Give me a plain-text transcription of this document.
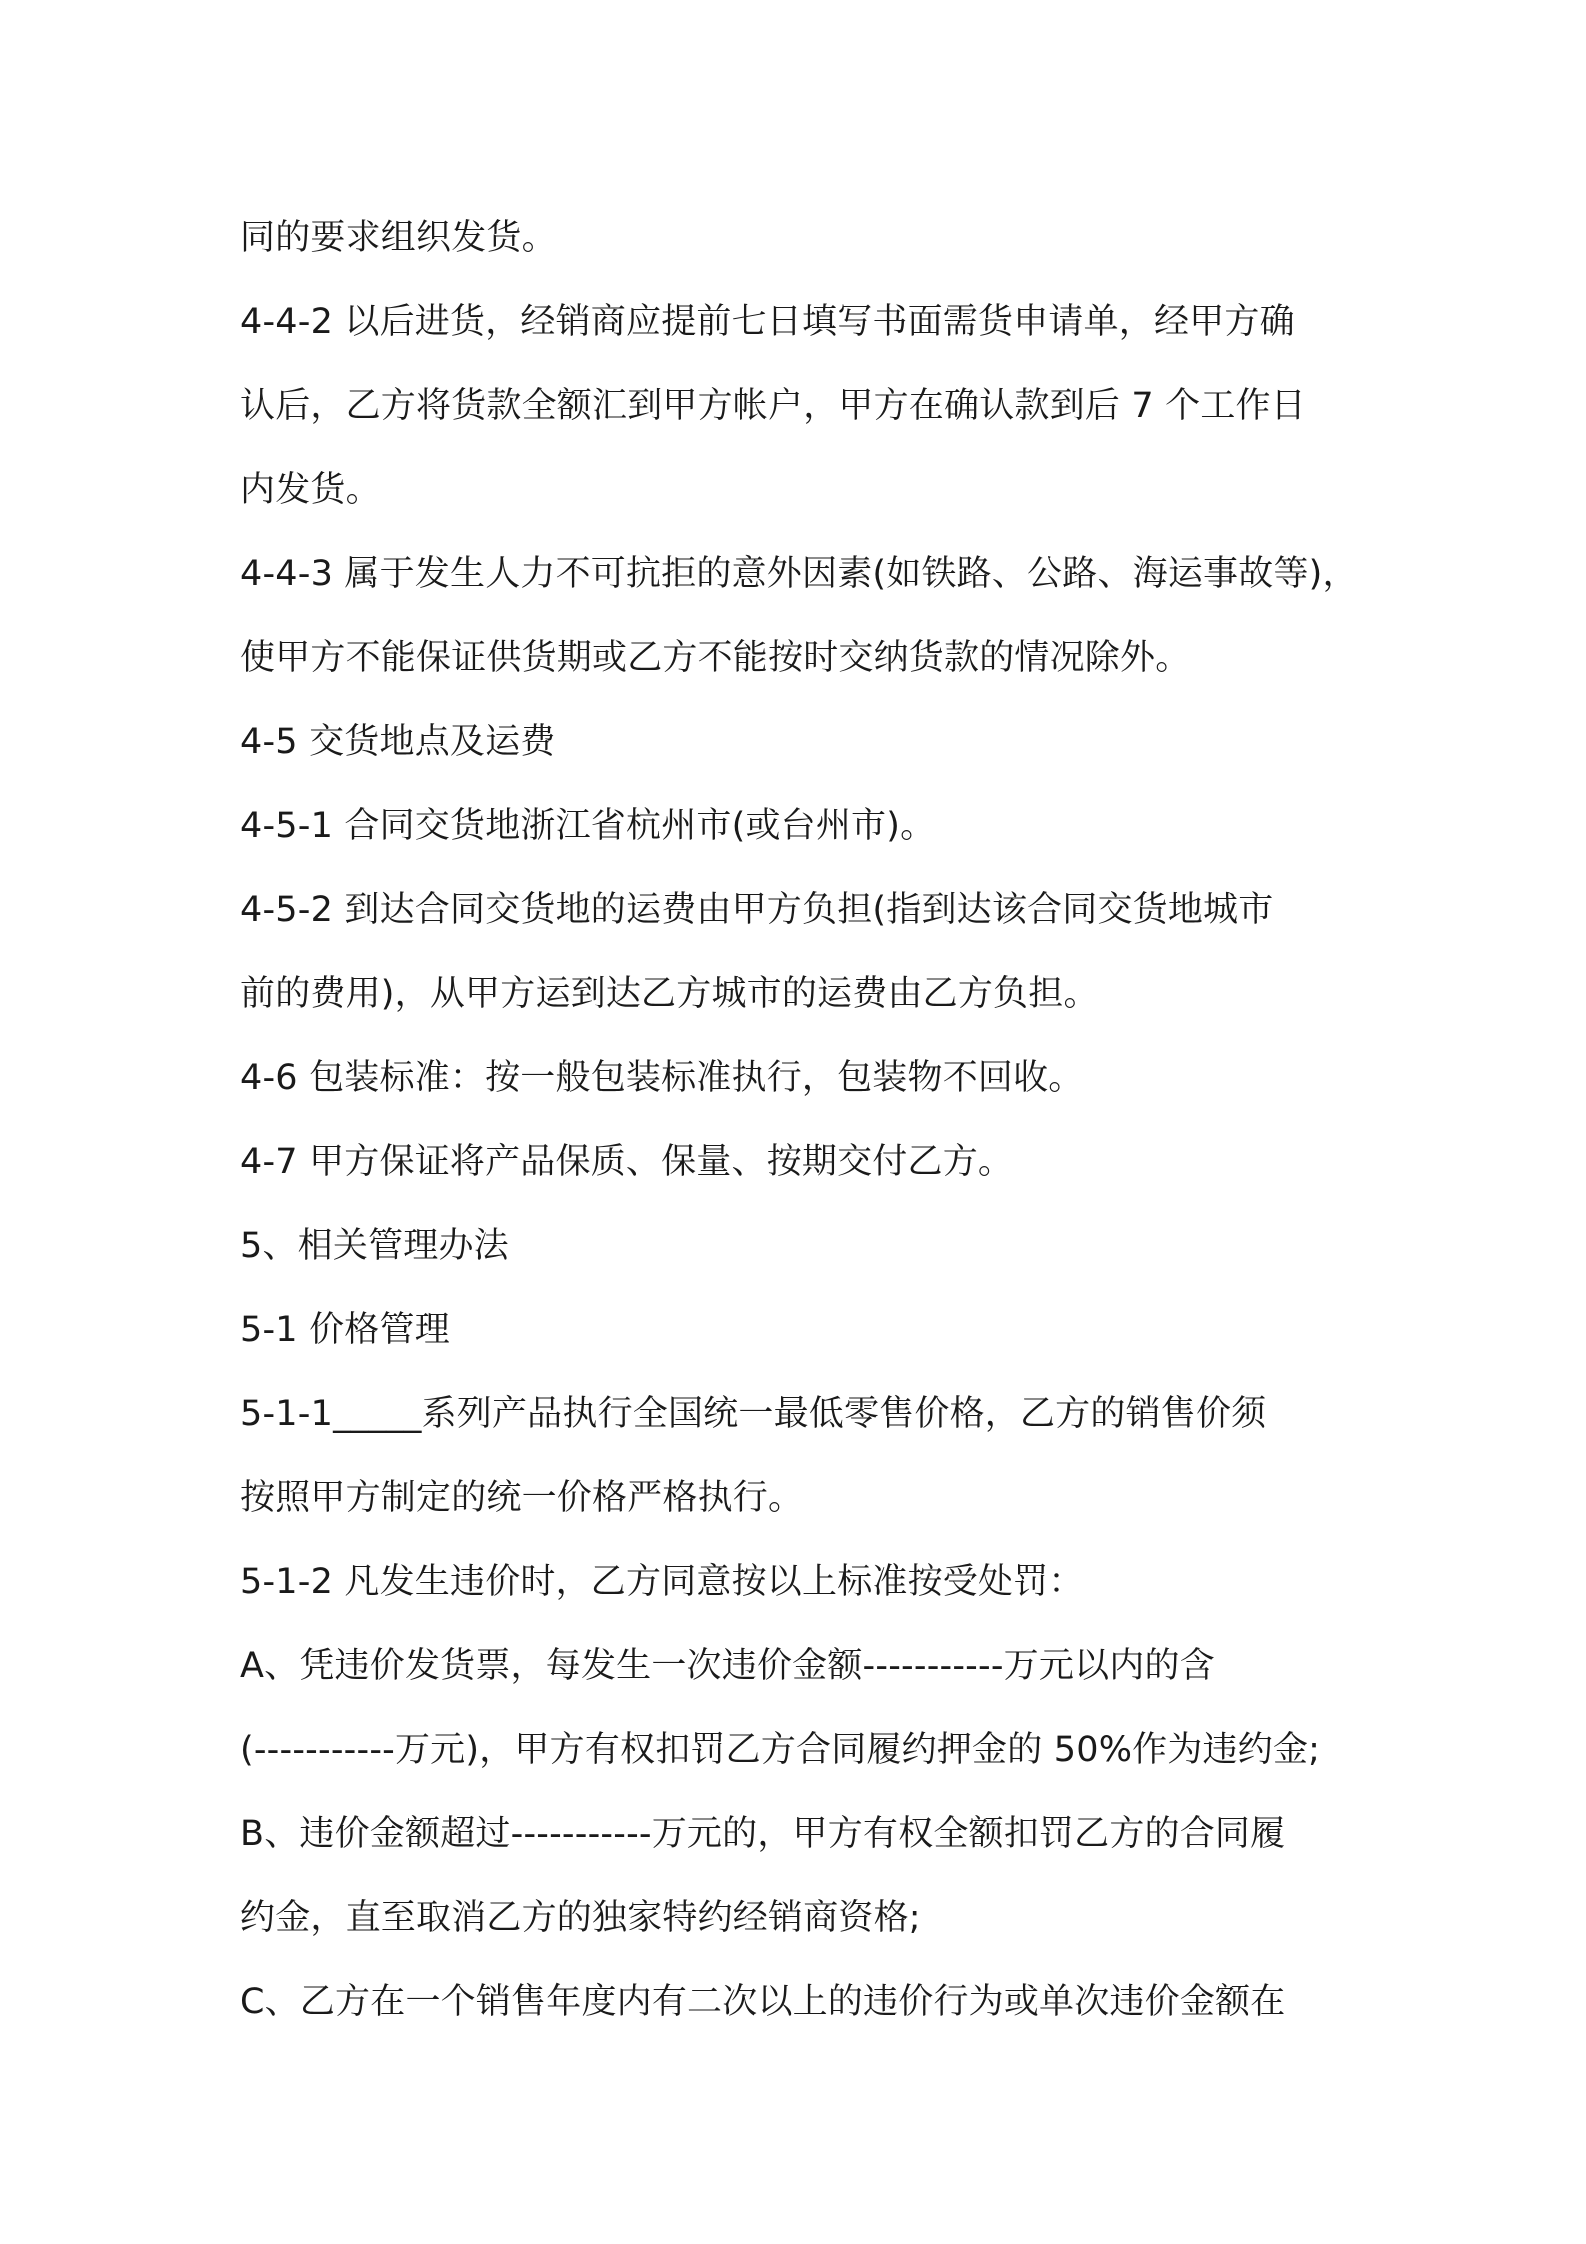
同的要求组织发货。
4-4-2 以后进货，经销商应提前七日填写书面需货申请单，经甲方确
认后，乙方将货款全额汇到甲方帐户，甲方在确认款到后 7 个工作日
内发货。
4-4-3 属于发生人力不可抗拒的意外因素(如铁路、公路、海运事故等)，
使甲方不能保证供货期或乙方不能按时交纳货款的情况除外。
4-5 交货地点及运费
4-5-1 合同交货地浙江省杭州市(或台州市)。
4-5-2 到达合同交货地的运费由甲方负担(指到达该合同交货地城市
前的费用)，从甲方运到达乙方城市的运费由乙方负担。
4-6 包装标准：按一般包装标准执行，包装物不回收。
4-7 甲方保证将产品保质、保量、按期交付乙方。
5、相关管理办法
5-1 价格管理
5-1-1_____系列产品执行全国统一最低零售价格，乙方的销售价须
按照甲方制定的统一价格严格执行。
5-1-2 凡发生违价时，乙方同意按以上标准按受处罚：
A、凭违价发货票，每发生一次违价金额-----------万元以内的含
(-----------万元)，甲方有权扣罚乙方合同履约押金的 50%作为违约金;
B、违价金额超过-----------万元的，甲方有权全额扣罚乙方的合同履
约金，直至取消乙方的独家特约经销商资格;
C、乙方在一个销售年度内有二次以上的违价行为或单次违价金额在
